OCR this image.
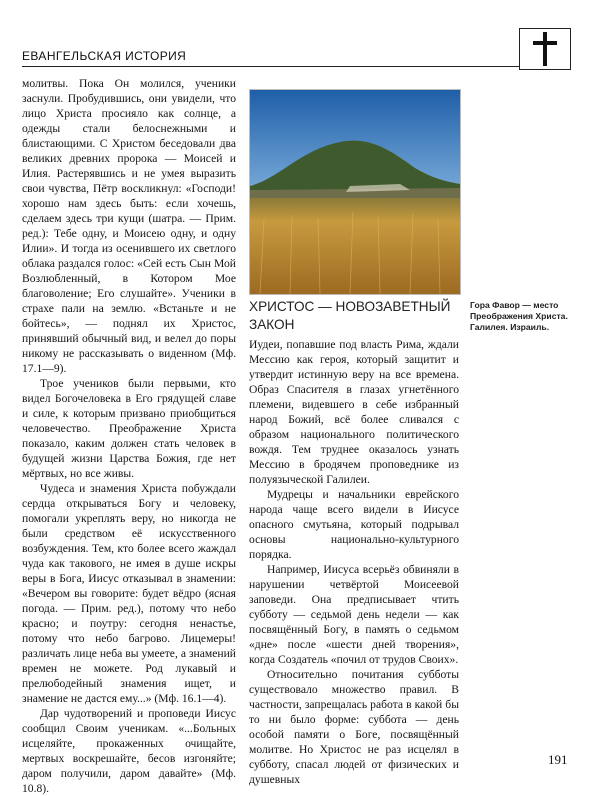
ЕВАНГЕЛЬСКАЯ ИСТОРИЯ

молитвы. Пока Он молился, ученики заснули. Пробудившись, они увидели, что лицо Христа просияло как солнце, а одежды стали белоснежными и блистающими. С Христом беседовали два великих древних пророка — Моисей и Илия. Растерявшись и не умея выразить свои чувства, Пётр воскликнул: «Господи! хорошо нам здесь быть: если хочешь, сделаем здесь три кущи (шатра. — Прим. ред.): Тебе одну, и Моисею одну, и одну Илии». И тогда из осенившего их светлого облака раздался голос: «Сей есть Сын Мой Возлюбленный, в Котором Мое благоволение; Его слушайте». Ученики в страхе пали на землю. «Встаньте и не бойтесь», — поднял их Христос, принявший обычный вид, и велел до поры никому не рассказывать о виденном (Мф. 17.1—9).

Трое учеников были первыми, кто видел Богочеловека в Его грядущей славе и силе, к которым призвано приобщиться человечество. Преображение Христа показало, каким должен стать человек в будущей жизни Царства Божия, где нет мёртвых, но все живы.

Чудеса и знамения Христа побуждали сердца открываться Богу и человеку, помогали укреплять веру, но никогда не были средством её искусственного возбуждения. Тем, кто более всего жаждал чуда как такового, не имея в душе искры веры в Бога, Иисус отказывал в знамении: «Вечером вы говорите: будет вёдро (ясная погода. — Прим. ред.), потому что небо красно; и поутру: сегодня ненастье, потому что небо багрово. Лицемеры! различать лице неба вы умеете, а знамений времен не можете. Род лукавый и прелюбодейный знамения ищет, и знамение не дастся ему...» (Мф. 16.1—4).

Дар чудотворений и проповеди Иисус сообщил Своим ученикам. «...Больных исцеляйте, прокаженных очищайте, мертвых воскрешайте, бесов изгоняйте; даром получили, даром давайте» (Мф. 10.8).

Гора Фавор — место Преображения Христа. Галилея. Израиль.
ХРИСТОС — НОВОЗАВЕТНЫЙ ЗАКОН

Иудеи, попавшие под власть Рима, ждали Мессию как героя, который защитит и утвердит истинную веру на все времена. Образ Спасителя в глазах угнетённого племени, видевшего в себе избранный народ Божий, всё более сливался с образом национального политического вождя. Тем труднее оказалось узнать Мессию в бродячем проповеднике из полуязыческой Галилеи.

Мудрецы и начальники еврейского народа чаще всего видели в Иисусе опасного смутьяна, который подрывал основы национально-культурного порядка.

Например, Иисуса всерьёз обвиняли в нарушении четвёртой Моисеевой заповеди. Она предписывает чтить субботу — седьмой день недели — как посвящённый Богу, в память о седьмом «дне» после «шести дней творения», когда Создатель «почил от трудов Своих».

Относительно почитания субботы существовало множество правил. В частности, запрещалась работа в какой бы то ни было форме: суббота — день особой памяти о Боге, посвящённый молитве. Но Христос не раз исцелял в субботу, спасал людей от физических и душевных

191
